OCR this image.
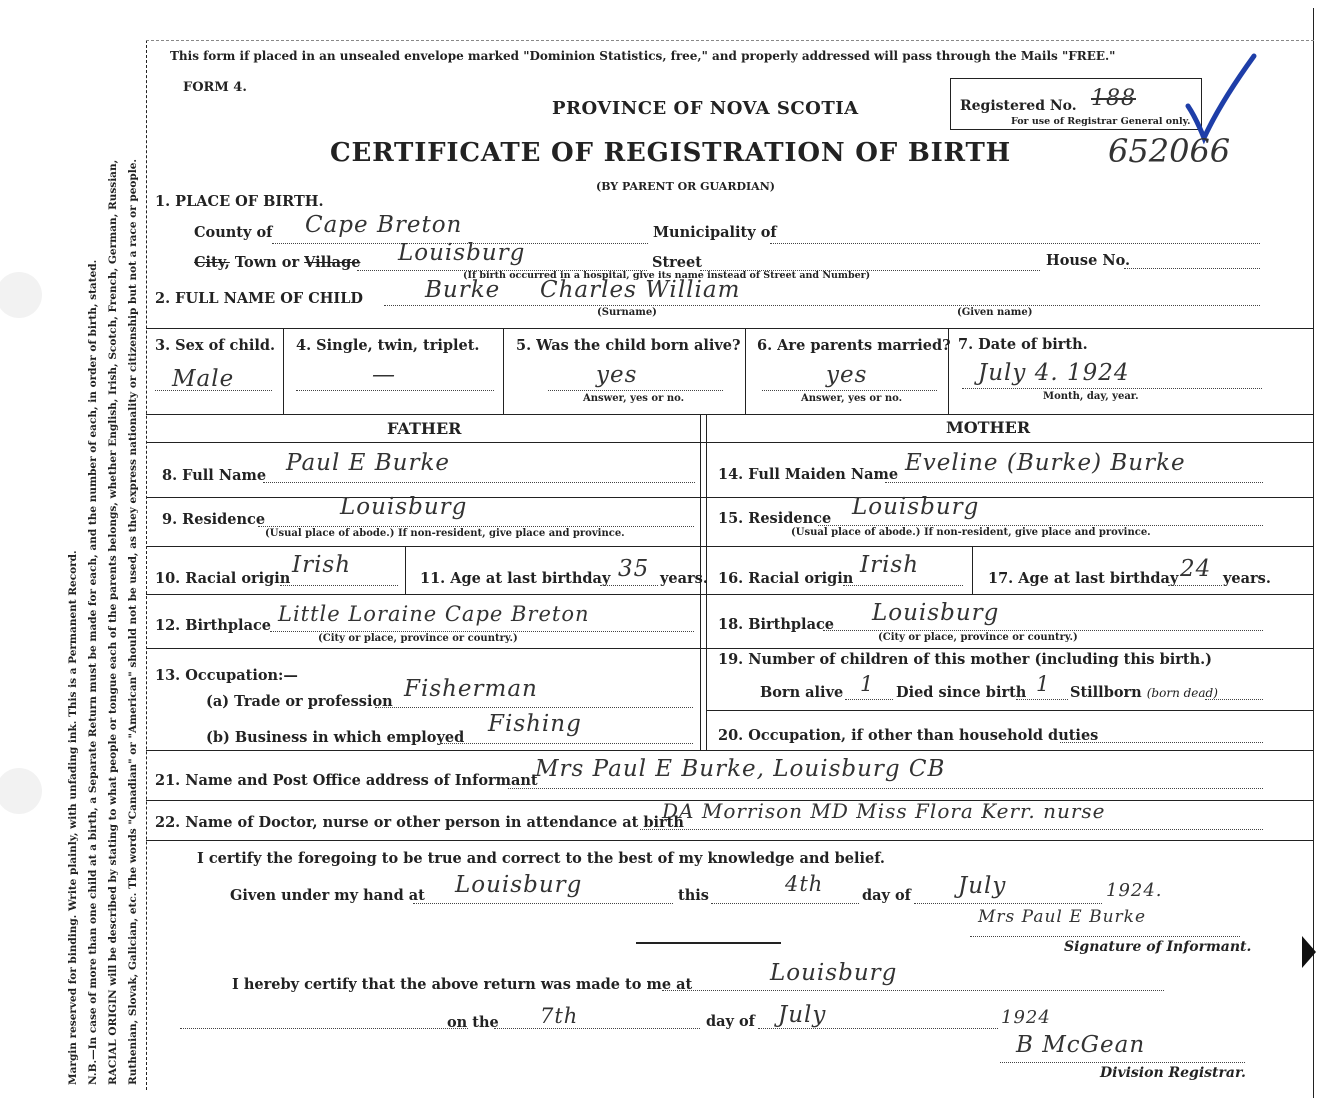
Margin reserved for binding. Write plainly, with unfading ink. This is a Permanent Record. N.B.—In case of more than one child at a birth, a Separate Return must be made for each, and the number of each, in order of birth, stated. RACIAL ORIGIN will be described by stating to what people or tongue each of the parents belongs, whether English, Irish, Scotch, French, German, Russian, Ruthenian, Slovak, Galician, etc. The words "Canadian" or "American" should not be used, as they express nationality or citizenship but not a race or people.
This form if placed in an unsealed envelope marked "Dominion Statistics, free," and properly addressed will pass through the Mails "FREE."
FORM 4.
PROVINCE OF NOVA SCOTIA	Registered No. 188
For use of Registrar General only.
CERTIFICATE OF REGISTRATION OF BIRTH	652066
(BY PARENT OR GUARDIAN)
1. PLACE OF BIRTH.
County of Cape Breton	Municipality of
City, Town or Village Louisburg	Street	House No.
(If birth occurred in a hospital, give its name instead of Street and Number)
2. FULL NAME OF CHILD	Burke Charles William
(Surname)	(Given name)
3. Sex of child.
Male
4. Single, twin, triplet.
—
5. Was the child born alive?
yes
Answer, yes or no.
6. Are parents married?
yes
Answer, yes or no.
7. Date of birth.
July 4. 1924
Month, day, year.
FATHER	MOTHER
8. Full Name Paul E Burke	14. Full Maiden Name Eveline (Burke) Burke
9. Residence	Louisburg
(Usual place of abode.) If non-resident, give place and province.
15. Residence Louisburg
(Usual place of abode.) If non-resident, give place and province.
10. Racial origin
Irish
11. Age at last birthday 35 years. 16. Racial origin
Irish
17. Age at last birthday 24 years.
12. Birthplace Little Loraine Cape Breton
(City or place, province or country.)
18. Birthplace Louisburg
(City or place, province or country.)
13. Occupation:—
(a) Trade or profession Fisherman
(b) Business in which employed
Fishing
19. Number of children of this mother (including this birth.)
Born alive 1 Died since birth 1 Stillborn (born dead)
20. Occupation, if other than household duties
21. Name and Post Office address of Informant
Mrs Paul E Burke, Louisburg CB
22. Name of Doctor, nurse or other person in attendance at birth
DA Morrison MD Miss Flora Kerr. nurse
I certify the foregoing to be true and correct to the best of my knowledge and belief.
Given under my hand at Louisburg	this	4th	day of July	1924.
Mrs Paul E Burke
Signature of Informant.
I hereby certify that the above return was made to me at	Louisburg
on the 7th	day of July	1924
B McGean
Division Registrar.
